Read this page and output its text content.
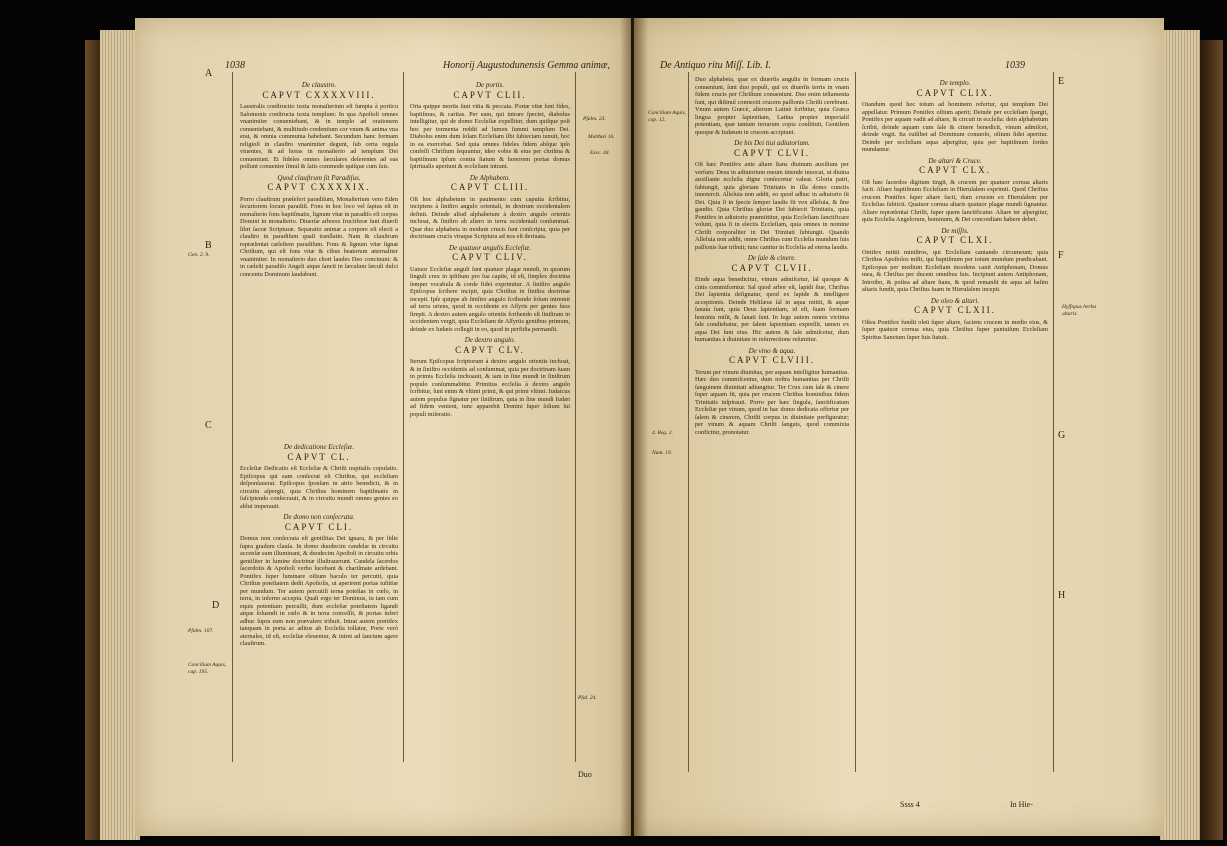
1038	Honorij Augustodunensis Gemma animæ,
A
B
C
D
Gen. 2. 9.
Pſalm. 107.
Concilium Aquis, cap. 195.
Pſalm. 23.
Matthæi 16.
Ezec. 44.
Pſal. 24.
De claustro.
CAPVT CXXXXVIII.

Laustralis conſtructio iuxta monaſterium eſt ſumpta à porticu Salomonis conſtructa iuxta templum: In qua Apoſtoli omnes vnanimiter conueniebant, & in templo ad orationem conueniebant, & multitudo credentium cor vnum & anima vna erat, & omnia communia habebant. Secundum hanc formam religioſi in clauſtro vnanimiter degunt, ſub certa regula viuentes, & ad horas in monaſterio ad templum Dei conueniunt. Et fideles omnes ſæculares deſerentes ad eas poſſunt conuenire ſimul & ſatis commode quiſque cum ſuis.

Quod clauſtrum ſit Paradiſus.
CAPVT CXXXXIX.

Porro clauſtrum præſefert paradiſum, Monaſterium vero Eden ſecuriorem locum paradiſi. Fons in hoc loco vel ſaptus eſt in monaſterio fons baptiſmatis, lignum vitæ in paradiſo eſt corpus Domini in monaſterio. Diuerſæ arbores fructiferæ ſunt diuerſi libri ſacræ Scripturæ. Separatio animæ a corpore eſt electi a clauſtro in paradiſum quaſi tranſlatio. Nam & clauſtrum repræſentat cæleſtem paradiſum. Fons & lignum vitæ ſignat Chriſtum, qui eſt fons vitæ & cibus beatorum æternaliter vnanimiter. In monaſterio duo chori laudes Deo concinunt: & in cæleſti paradiſo Angeli atque ſancti in ſæculum ſæculi dulci concentu Dominum laudabunt.

De dedicatione Eccleſiæ.
CAPVT CL.

Eccleſiæ Dedicatio eſt Eccleſiæ & Chriſti nuptialis copulatio. Epiſcopus qui eam conſecrat eſt Chriſtus, qui eccleſiam deſponſauerat. Epiſcopus ſponſam in atrio benedicit, & in circuitu aſpergit, quia Chriſtus hominem baptiſmatis in ſuſcipiendo conſecrauit, & in circuitu mundi omnes gentes eo ablui imperauit.

De domo non conſecrata.
CAPVT CLI.

Domus non conſecrata eſt gentilitas Dei ignara, & per ſidie ſupra gradum clauſa. In domo duodecim candelæ in circuitu accenſæ eam illuminant, & duodecim Apoſtoli in circuitu orbis gentiliter in lumine doctrinæ illuſtrauerunt. Candela ſacerdos ſacerdotis & Apoſtoli verbo lucebant & chariſmate ardebant. Pontifex ſuper luminare oſtium baculo ter percutit, quia Chriſtus poteſtatem dedit Apoſtolis, ut aperirent portas iuſtitiæ per mundum. Ter autem percutiſi terna poteſtas in cœlo, in terra, in inferno accepta. Quaſi ergo ter Dominus, tu iam cum equis potentiam percuſſit, dum eccleſiæ poteſtatem ligandi atque ſoluendi in cœlo & in terra conceſſit, & portas inferi adhuc ſupra eum non prævalere tribuit. Intrat autem pontifex tanquam in porta ac aditus ab Eccleſia tollatur, Porte verò aternales, id eſt, eccleſiæ eleuentur, & intret ad ſanctum agere clauſtrum.

De portis.
CAPVT CLII.

Orta quippe mortis ſunt vitia & peccata. Portæ vitæ ſunt fides, baptiſmus, & caritas. Per eam, qui intrare ſpectet, diabolus intelligitur, qui de domo Eccleſiæ expellitur, dum quiſque poſt hoc per tormenta reddit ad lumen ſummi templum Dei. Diabolus enim dum ſolam Eccleſiam ſibi ſubiectam tenuit, hoc in ea exercebat. Sed quia omnes fideles fidem abſque ipſo confeſſi Chriſtum ſequuntur, ideo vobis & eius per chriſma & baptiſmum ipſum contra ſtatum & honorem portas domus ſpiritualis aperiunt & eccleſiam intrant.

De Alphabeto.
CAPVT CLIII.

Oſt hoc alphabetum in pauimento cum capuita ſcribitur, incipiens à ſiniſtro angulo orientali, in dextrum occidentalem deſinit. Deinde aliud alphabetum à dextro angulo orientis inchoat, & ſiniſtro ab altero in terra occidentali conſummat. Quæ duo alphabeta in modum crucis ſunt conſcripta, quia per doctrinam crucis vtraque Scriptura ad nos eſt deriuata.

De quatuor angulis Eccleſiæ.
CAPVT CLIV.

Uatuor Eccleſiæ anguli ſunt quatuor plagæ mundi, in quorum ſinguli crux in ipſiſtum pro ſua capite, id eſt, ſimplex doctrina ſemper vocabula & corde fidei exprimitur. A ſiniſtro angulo Epiſcopus ſcribere incipit, quia Chriſtus in ſiniſtra doctrinæ incepit. Ipſe quippe ab ſiniſtro angulo ſcribendo ſolum intremit ad terra oriens, quod in occidente ex Aſſyris per gentes ſuos ſtrepit. A dextro autem angulo orientis ſcribendo eſt ſiniſtram in occidentem vergit, quia Eccleſiam de Aſſyriis gentibus primum, deinde ex Iudæis collegit in eo, quod in perfidia permanſit.

De dextro angulo.
CAPVT CLV.

Iterum Epiſcopus ſcriptorum à dextro angulo orientis inchoat, & in ſiniſtro occidentis ad conſummat, quia per doctrinam ſuam in primis Eccleſia inchoauit, & iam in ſine mundi in ſiniſtrum populo conſummabitur. Primitus eccleſia à dextro angulo ſcribitur, ſunt enim & vltimi primi, & qui primi vltimi. Iudaicus autem populus ſignatur per ſiniſtrum, quia in ſine mundi Iudæi ad fidem venient, tunc apparebit Domini ſuper ſolium ſui populi miſeratio.

Duo
De Antiquo ritu Miſſ. Lib. I.	1039
E
F
G
H
Concilium Aquis, cap. 12.
4. Reg. 2.
Num. 19.
Hyſſopus herba altaris.

Duo alphabeta, quæ ex diuerſis angulis in formam crucis conueniunt, ſunt duo populi, qui ex diuerſis terris in vnam fidem crucis per Chriſtum conueniunt. Duo enim teſtamenta ſunt, qui diſtinul connectit crucem paſſionis Chriſti cerebrant. Vnum autem Græcè, alterum Latinè ſcribitur, quia Græca lingua propter ſapientiam, Latina propter imperialiſ potentiam, quæ tantum terrarum copia conſtituit, Gentilem quoque & Iudæum in crucem accipiunt.

De his Dei tiui adiutorium.
CAPVT CLVI.

Oſt hæc Pontifex ante altare ſtans diuinum auxilium per verſum: Deus in adiutorium meum intende inuocat, ut diuina auxiliante eccleſia digne conſecretur valeat. Gloria patri, ſubiungit, quia gloriam Trinitatis in illa domo cunctis innotercit. Alleluia non addit, eo quod adhuc in adiutorio ſit Dei. Quia ſi in ſpecie ſemper laudis fit vox alleluia, & ſine gaudio. Quia Chriſtus gloriæ Dei ſubiecit Trinitatis, quia Pontifex in adiutorio præmittitur, quia Eccleſiam ſanctificare volunt, quia ſi in electis Eccleſiam, quia omnes in nomine Chriſti corporaliter in Dei Trinitati ſubiungit. Quando Alleluia non addit, omne Chriſtus cum Eccleſia mundum ſuis paſſionis ſuæ tribuit; tunc canitur in Eccleſia ad eterna laudis.

De ſale & cinere.
CAPVT CLVII.

Einde aqua benedicitur, vinum admiſcetur, ſal quoque & cinis commiſcentur. Sal quod arbor eſt, lapidi ſiue, Chriſtus Dei ſapientia deſignatur, quod ex lapide & intelligere acceptionis. Deinde Heliſæus ſal in aqua mittit, & aquæ ſanata ſunt, quia Deus ſapientiam, id eſt, ſuam formam hominis miſit, & ſanati ſunt. In lege autem omnis victima ſale condiebatur, per ſalem ſapientiam expreſſit, tamen ex aqua Dei ſunt eius. Hic autem & ſale admiſcetur, dum humanitas à diuinitate in reſurrectione reſumitur.

De vino & aqua.
CAPVT CLVIII.

Terum per vinum diuinitas, per aquam intelligitur humanitas. Hæc duo commiſcentur, dum noſtra humanitas per Chriſti ſanguinem diuinitati adiungitur. Ter Crux cum ſale & cinere ſuper aquam fit, quia per crucem Chriſtus hominibus fidem Trinitatis inſpirauit. Porro per hæc ſingula, ſanctificatum Eccleſiæ per vinum, quod in hac domo dedicata offertur per ſalem & cinerem, Chriſti corpus in diuinitate perfiguratur; per vinum & aquam Chriſti ſanguis, quod commixta conficitur, pronotatur.

De templo.
CAPVT CLIX.

Otandum quod hoc totum ad hominem refertur, qui templum Dei appellatur. Primum Pontifex oſtium aperit; Deinde per eccleſiam ſpargit, Pontifex per aquam vadit ad altare, & circuit in eccleſia: dein alphabetum ſcribit, deinde aquam cum ſale & cinere benedicit, vinum admiſcet, deinde vngit. Ita cuilibet ad Dominum conuerſo, oſtium ſidei aperitur. Deinde per eccleſiam aqua aſpergitur, quia per baptiſmum ſordes mundantur.

De altari & Cruce.
CAPVT CLX.

Oſt hæc ſacerdos digitum tingit, & crucem per quatuor cornua altaris facit. Altare baptiſmum Eccleſiam in Hieruſalem exprimit. Quod Chriſtus crucem Pontifex ſuper altare facit, dum crucem ex Hieruſalem per Eccleſias ſubiicit. Quatuor cornua altaris quatuor plagæ mundi ſignantur. Altare repræſentat Chriſti, ſuper quem ſanctificatur. Altare ter aſpergitur, quia Eccleſia Angelorum, hominum, & Dei concordiam habere debet.

De miſſis.
CAPVT CLXI.

Ontifex mittit miniſtros, qui Eccleſiam cantando circumeunt; quia Chriſtus Apoſtolos miſit, qui baptiſmum per totum mundum prædicabant. Epiſcopus per medium Eccleſiam incedens canit Antiphonam, Domus mea, & Chriſtus per ducem omnibus ſuis. Incipiunt autem Antiphonam, Introibo, & poſtea ad altare ſtans, & quod remanſit de aqua ad baſim altaris fundit, quia Chriſtus ſuam in Hieruſalem incepit.

De oleo & altari.
CAPVT CLXII.

Oſtea Pontifex fundit oleū ſuper altare, faciens crucem in medio eius, & ſuper quatuor cornua eius, quia Chriſtus ſuper paniuiſum Eccleſiam Spiritus Sanctum ſuper ſuis ſtatuit.

Ssss 4	In Hie-
